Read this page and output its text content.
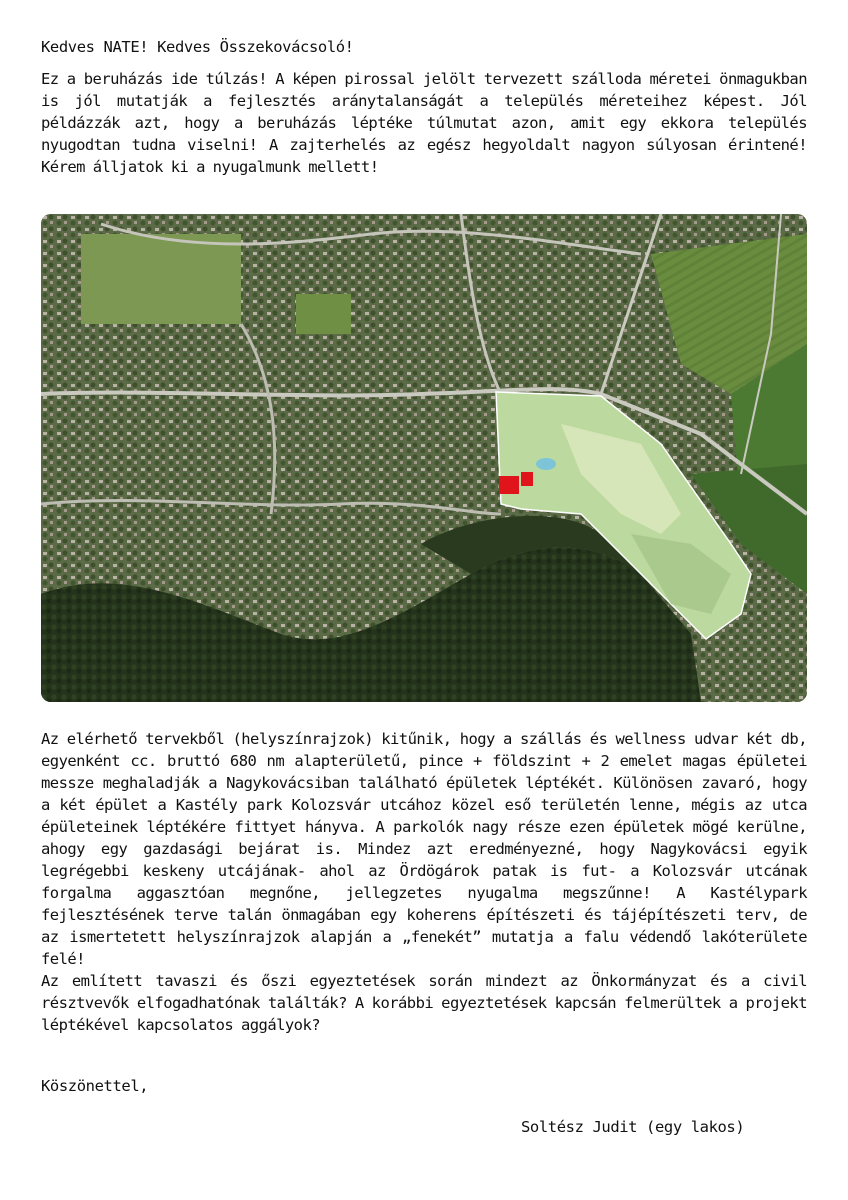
Kedves NATE! Kedves Összekovácsoló!

Ez a beruházás ide túlzás! A képen pirossal jelölt tervezett szálloda méretei önmagukban is jól mutatják a fejlesztés aránytalanságát a település méreteihez képest. Jól példázzák azt, hogy a beruházás léptéke túlmutat azon, amit egy ekkora település nyugodtan tudna viselni! A zajterhelés az egész hegyoldalt nagyon súlyosan érintené! Kérem álljatok ki a nyugalmunk mellett!

Az elérhető tervekből (helyszínrajzok) kitűnik, hogy a szállás és wellness udvar két db, egyenként cc. bruttó 680 nm alapterületű, pince + földszint + 2 emelet magas épületei messze meghaladják a Nagykovácsiban található épületek léptékét. Különösen zavaró, hogy a két épület a Kastély park Kolozsvár utcához közel eső területén lenne, mégis az utca épületeinek léptékére fittyet hányva. A parkolók nagy része ezen épületek mögé kerülne, ahogy egy gazdasági bejárat is. Mindez azt eredményezné, hogy Nagykovácsi egyik legrégebbi keskeny utcájának- ahol az Ördögárok patak is fut- a Kolozsvár utcának forgalma aggasztóan megnőne, jellegzetes nyugalma megszűnne! A Kastélypark fejlesztésének terve talán önmagában egy koherens építészeti és tájépítészeti terv, de az ismertetett helyszínrajzok alapján a „fenekét” mutatja a falu védendő lakóterülete felé!

Az említett tavaszi és őszi egyeztetések során mindezt az Önkormányzat és a civil résztvevők elfogadhatónak találták? A korábbi egyeztetések kapcsán felmerültek a projekt léptékével kapcsolatos aggályok?

Köszönettel,
Soltész Judit (egy lakos)
